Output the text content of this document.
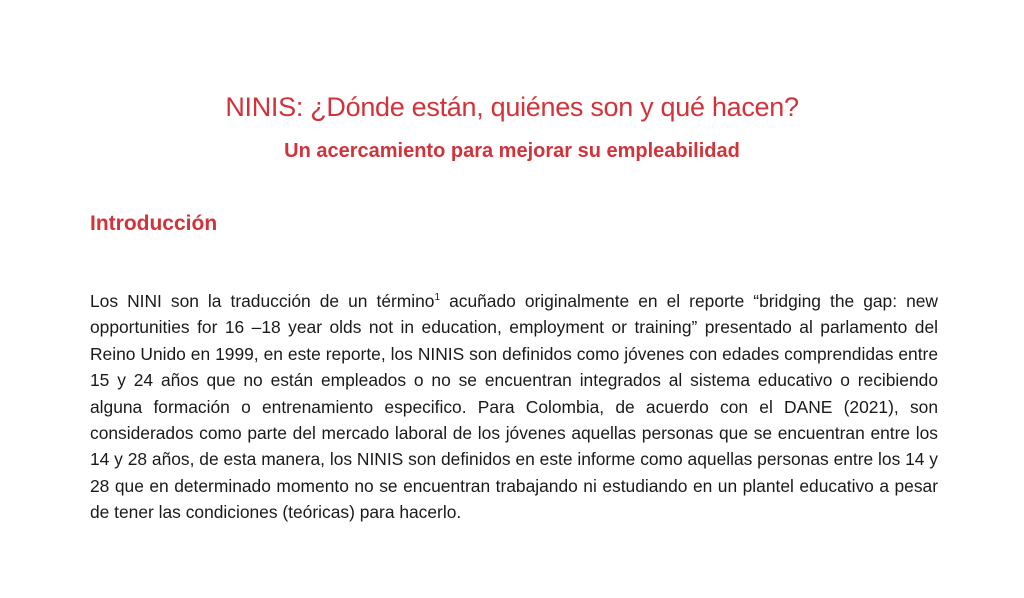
NINIS: ¿Dónde están, quiénes son y qué hacen?
Un acercamiento para mejorar su empleabilidad
Introducción

Los NINI son la traducción de un término$^1$ acuñado originalmente en el reporte “bridging the gap: new opportunities for 16 –18 year olds not in education, employment or training” presentado al parlamento del Reino Unido en 1999, en este reporte, los NINIS son definidos como jóvenes con edades comprendidas entre 15 y 24 años que no están empleados o no se encuentran integrados al sistema educativo o recibiendo alguna formación o entrenamiento especifico. Para Colombia, de acuerdo con el DANE (2021), son considerados como parte del mercado laboral de los jóvenes aquellas personas que se encuentran entre los 14 y 28 años, de esta manera, los NINIS son definidos en este informe como aquellas personas entre los 14 y 28 que en determinado momento no se encuentran trabajando ni estudiando en un plantel educativo a pesar de tener las condiciones (teóricas) para hacerlo.
